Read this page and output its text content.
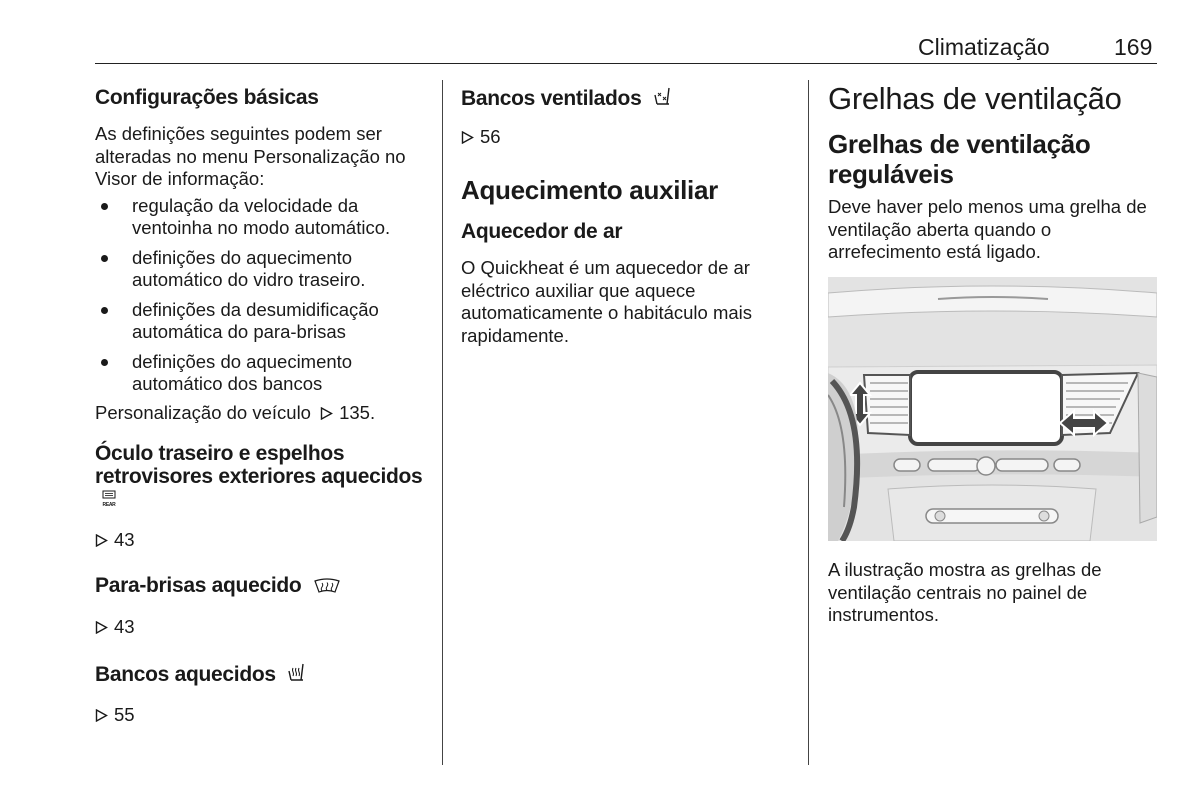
Climatização	169

Configurações básicas

As definições seguintes podem ser alteradas no menu Personalização no Visor de informação:

regulação da velocidade da ventoinha no modo automático.
definições do aquecimento automático do vidro traseiro.
definições da desumidificação automática do para-brisas
definições do aquecimento automático dos bancos

Personalização do veículo 135.

Óculo traseiro e espelhos retrovisores exteriores aquecidos
REAR

43

Para-brisas aquecido

43

Bancos aquecidos

55

Bancos ventilados

56

Aquecimento auxiliar

Aquecedor de ar

O Quickheat é um aquecedor de ar eléctrico auxiliar que aquece automaticamente o habitáculo mais rapidamente.

Grelhas de ventilação

Grelhas de ventilação reguláveis

Deve haver pelo menos uma grelha de ventilação aberta quando o arrefecimento está ligado.

A ilustração mostra as grelhas de ventilação centrais no painel de instrumentos.
